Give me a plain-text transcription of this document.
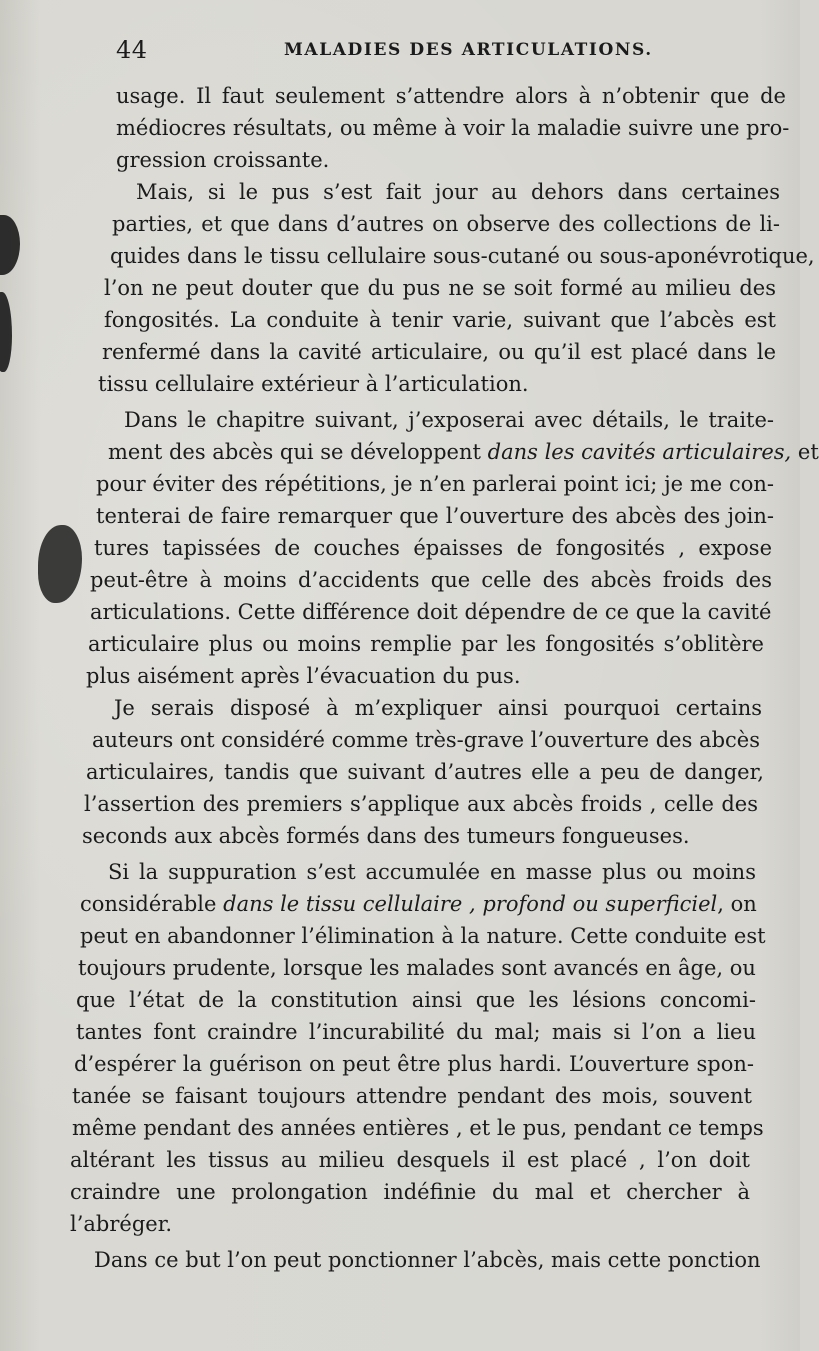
44	MALADIES DES ARTICULATIONS.
usage. Il faut seulement s’attendre alors à n’obtenir que de
médiocres résultats, ou même à voir la maladie suivre une pro-
gression croissante.
Mais, si le pus s’est fait jour au dehors dans certaines
parties, et que dans d’autres on observe des collections de li-
quides dans le tissu cellulaire sous-cutané ou sous-aponévrotique,
l’on ne peut douter que du pus ne se soit formé au milieu des
fongosités. La conduite à tenir varie, suivant que l’abcès est
renfermé dans la cavité articulaire, ou qu’il est placé dans le
tissu cellulaire extérieur à l’articulation.
Dans le chapitre suivant, j’exposerai avec détails, le traite-
ment des abcès qui se développent dans les cavités articulaires, et
pour éviter des répétitions, je n’en parlerai point ici; je me con-
tenterai de faire remarquer que l’ouverture des abcès des join-
tures tapissées de couches épaisses de fongosités , expose
peut-être à moins d’accidents que celle des abcès froids des
articulations. Cette différence doit dépendre de ce que la cavité
articulaire plus ou moins remplie par les fongosités s’oblitère
plus aisément après l’évacuation du pus.
Je serais disposé à m’expliquer ainsi pourquoi certains
auteurs ont considéré comme très-grave l’ouverture des abcès
articulaires, tandis que suivant d’autres elle a peu de danger,
l’assertion des premiers s’applique aux abcès froids , celle des
seconds aux abcès formés dans des tumeurs fongueuses.
Si la suppuration s’est accumulée en masse plus ou moins
considérable dans le tissu cellulaire , profond ou superficiel, on
peut en abandonner l’élimination à la nature. Cette conduite est
toujours prudente, lorsque les malades sont avancés en âge, ou
que l’état de la constitution ainsi que les lésions concomi-
tantes font craindre l’incurabilité du mal; mais si l’on a lieu
d’espérer la guérison on peut être plus hardi. L’ouverture spon-
tanée se faisant toujours attendre pendant des mois, souvent
même pendant des années entières , et le pus, pendant ce temps
altérant les tissus au milieu desquels il est placé , l’on doit
craindre une prolongation indéfinie du mal et chercher à
l’abréger.
Dans ce but l’on peut ponctionner l’abcès, mais cette ponction
